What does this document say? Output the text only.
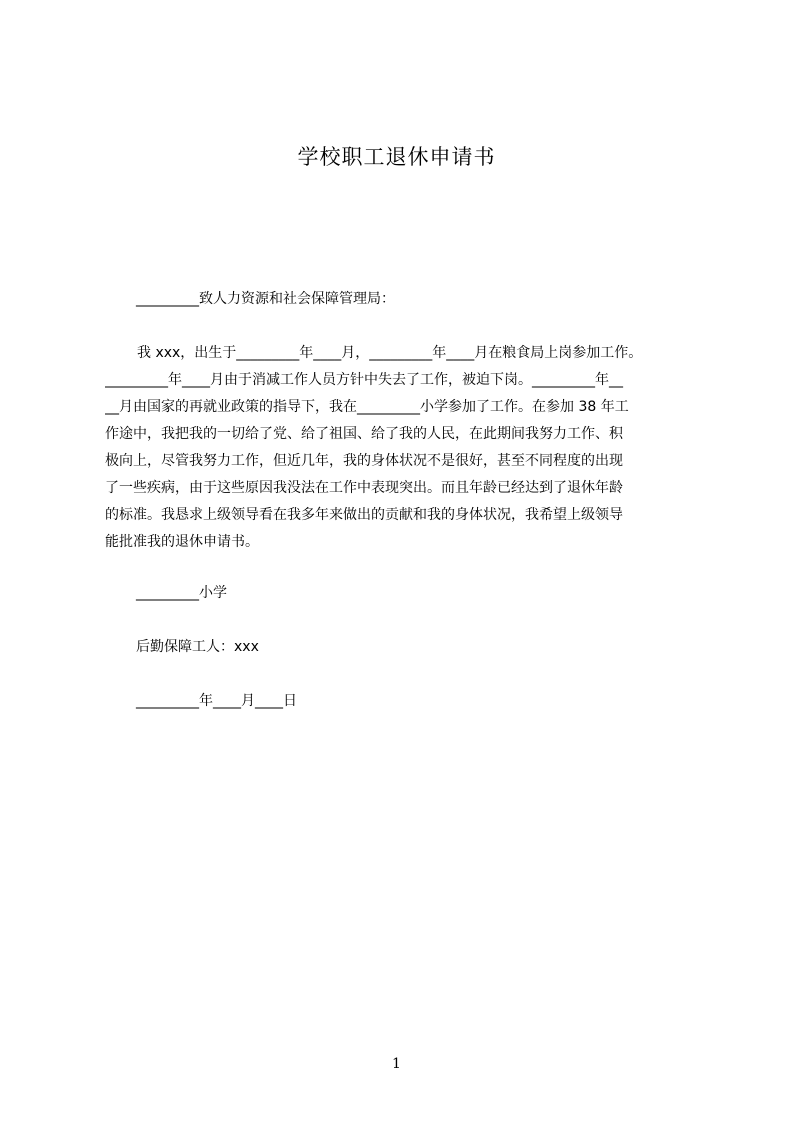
学校职工退休申请书
_________致人力资源和社会保障管理局：
我 xxx，出生于_________年____月，_________年____月在粮食局上岗参加工作。
_________年____月由于消减工作人员方针中失去了工作，被迫下岗。_________年__
__月由国家的再就业政策的指导下，我在_________小学参加了工作。在参加 38 年工
作途中，我把我的一切给了党、给了祖国、给了我的人民，在此期间我努力工作、积
极向上，尽管我努力工作，但近几年，我的身体状况不是很好，甚至不同程度的出现
了一些疾病，由于这些原因我没法在工作中表现突出。而且年龄已经达到了退休年龄
的标准。我恳求上级领导看在我多年来做出的贡献和我的身体状况，我希望上级领导
能批准我的退休申请书。
_________小学
后勤保障工人：xxx
_________年____月____日
1
